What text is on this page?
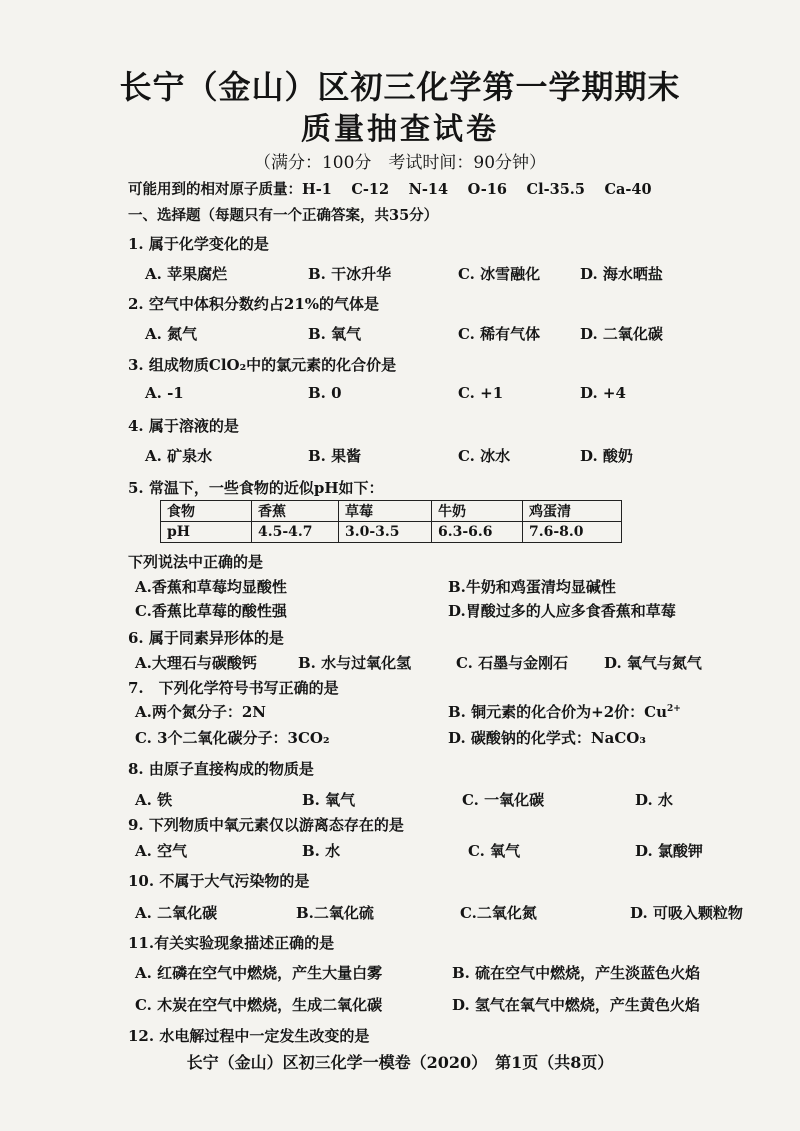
长宁（金山）区初三化学第一学期期末
质量抽查试卷
（满分：100分　考试时间：90分钟）
可能用到的相对原子质量：H-1　 C-12　 N-14　 O-16　 Cl-35.5　 Ca-40
一、选择题（每题只有一个正确答案，共35分）
1. 属于化学变化的是
A. 苹果腐烂	B. 干冰升华	C. 冰雪融化	D. 海水晒盐
2. 空气中体积分数约占21%的气体是
A. 氮气	B. 氧气	C. 稀有气体	D. 二氧化碳
3. 组成物质ClO₂中的氯元素的化合价是
A. -1	B. 0	C. +1	D. +4
4. 属于溶液的是
A. 矿泉水	B. 果酱	C. 冰水	D. 酸奶
5. 常温下，一些食物的近似pH如下：
食物	香蕉	草莓	牛奶	鸡蛋清
pH	4.5-4.7	3.0-3.5	6.3-6.6	7.6-8.0
下列说法中正确的是
A.香蕉和草莓均显酸性	B.牛奶和鸡蛋清均显碱性
C.香蕉比草莓的酸性强	D.胃酸过多的人应多食香蕉和草莓
6. 属于同素异形体的是
A.大理石与碳酸钙	B. 水与过氧化氢	C. 石墨与金刚石 D. 氧气与氮气
7.　下列化学符号书写正确的是
A.两个氮分子：2N	B. 铜元素的化合价为+2价：$Cu^{2+}$
C. 3个二氧化碳分子：3CO₂	D. 碳酸钠的化学式：NaCO₃
8. 由原子直接构成的物质是
A. 铁	B. 氧气	C. 一氧化碳	D. 水
9. 下列物质中氧元素仅以游离态存在的是
A. 空气	B. 水	C. 氧气	D. 氯酸钾
10. 不属于大气污染物的是
A. 二氧化碳	B.二氧化硫	C.二氧化氮	D. 可吸入颗粒物
11.有关实验现象描述正确的是
A. 红磷在空气中燃烧，产生大量白雾	B. 硫在空气中燃烧，产生淡蓝色火焰
C. 木炭在空气中燃烧，生成二氧化碳	D. 氢气在氧气中燃烧，产生黄色火焰
12. 水电解过程中一定发生改变的是
长宁（金山）区初三化学一模卷（2020）　第1页（共8页）
